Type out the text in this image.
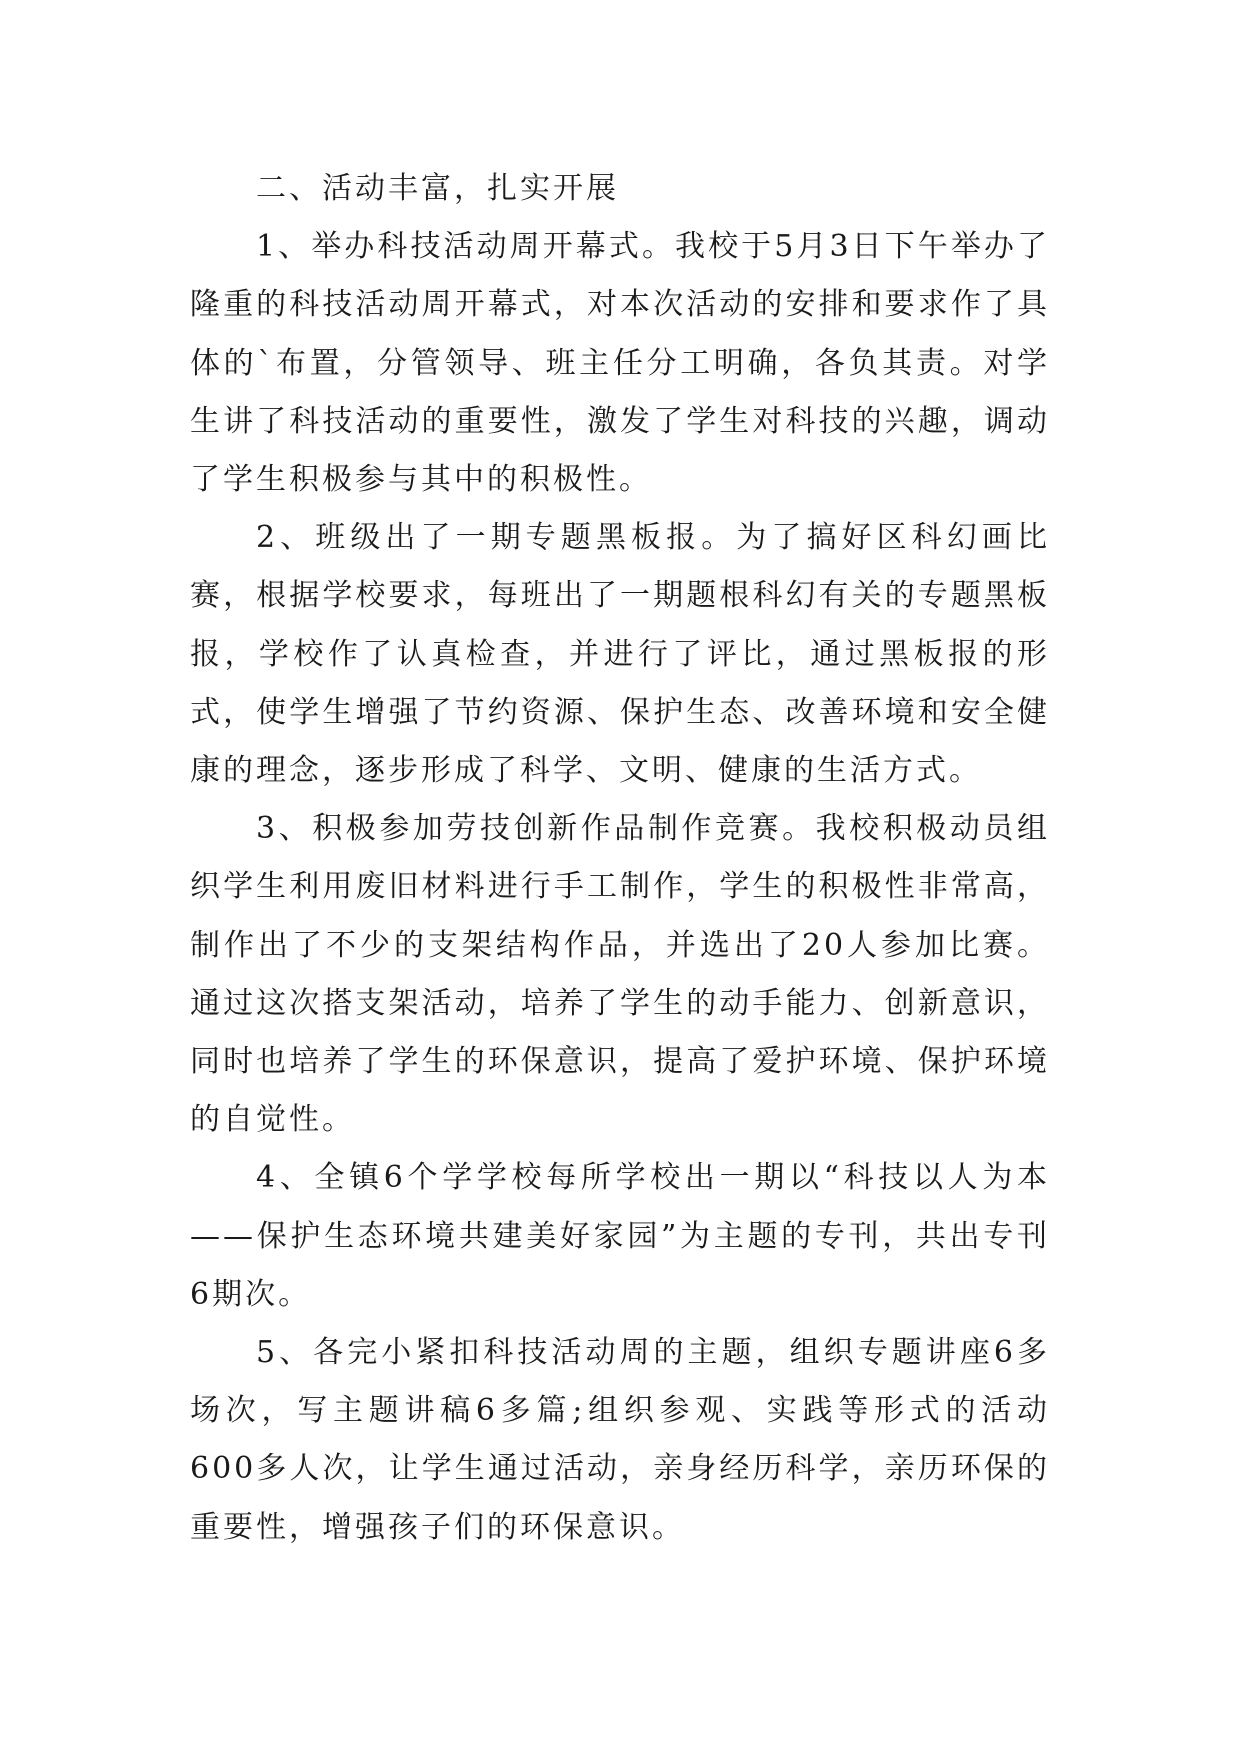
二、活动丰富，扎实开展

1、举办科技活动周开幕式。我校于5月3日下午举办了隆重的科技活动周开幕式，对本次活动的安排和要求作了具体的`布置，分管领导、班主任分工明确，各负其责。对学生讲了科技活动的重要性，激发了学生对科技的兴趣，调动了学生积极参与其中的积极性。

2、班级出了一期专题黑板报。为了搞好区科幻画比赛，根据学校要求，每班出了一期题根科幻有关的专题黑板报，学校作了认真检查，并进行了评比，通过黑板报的形式，使学生增强了节约资源、保护生态、改善环境和安全健康的理念，逐步形成了科学、文明、健康的生活方式。

3、积极参加劳技创新作品制作竞赛。我校积极动员组织学生利用废旧材料进行手工制作，学生的积极性非常高，制作出了不少的支架结构作品，并选出了20人参加比赛。通过这次搭支架活动，培养了学生的动手能力、创新意识，同时也培养了学生的环保意识，提高了爱护环境、保护环境的自觉性。

4、全镇6个学学校每所学校出一期以“科技以人为本——保护生态环境共建美好家园”为主题的专刊，共出专刊6期次。

5、各完小紧扣科技活动周的主题，组织专题讲座6多场次，写主题讲稿6多篇;组织参观、实践等形式的活动600多人次，让学生通过活动，亲身经历科学，亲历环保的重要性，增强孩子们的环保意识。
